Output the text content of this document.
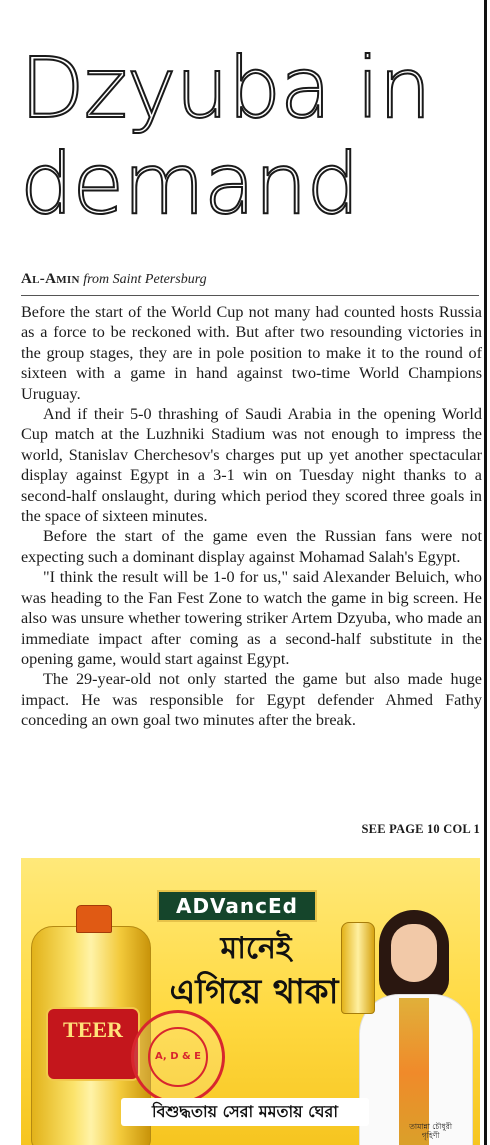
Dzyuba in
demand
Al-Amin from Saint Petersburg

Before the start of the World Cup not many had counted hosts Russia as a force to be reckoned with. But after two resounding victories in the group stages, they are in pole position to make it to the round of sixteen with a game in hand against two-time World Champions Uruguay.

And if their 5-0 thrashing of Saudi Arabia in the opening World Cup match at the Luzhniki Stadium was not enough to impress the world, Stanislav Cherchesov's charges put up yet another spectacular display against Egypt in a 3-1 win on Tuesday night thanks to a second-half onslaught, during which period they scored three goals in the space of sixteen minutes.

Before the start of the game even the Russian fans were not expecting such a dominant display against Mohamad Salah's Egypt.

"I think the result will be 1-0 for us," said Alexander Beluich, who was heading to the Fan Fest Zone to watch the game in big screen. He also was unsure whether towering striker Artem Dzyuba, who made an immediate impact after coming as a second-half substitute in the opening game, would start against Egypt.

The 29-year-old not only started the game but also made huge impact. He was responsible for Egypt defender Ahmed Fathy conceding an own goal two minutes after the break.

SEE PAGE 10 COL 1
TEER
A, D & E
ADVancEd
মানেই
এগিয়ে থাকা
বিশুদ্ধতায় সেরা মমতায় ঘেরা
তামান্না চৌধুরী
গৃহিণী
